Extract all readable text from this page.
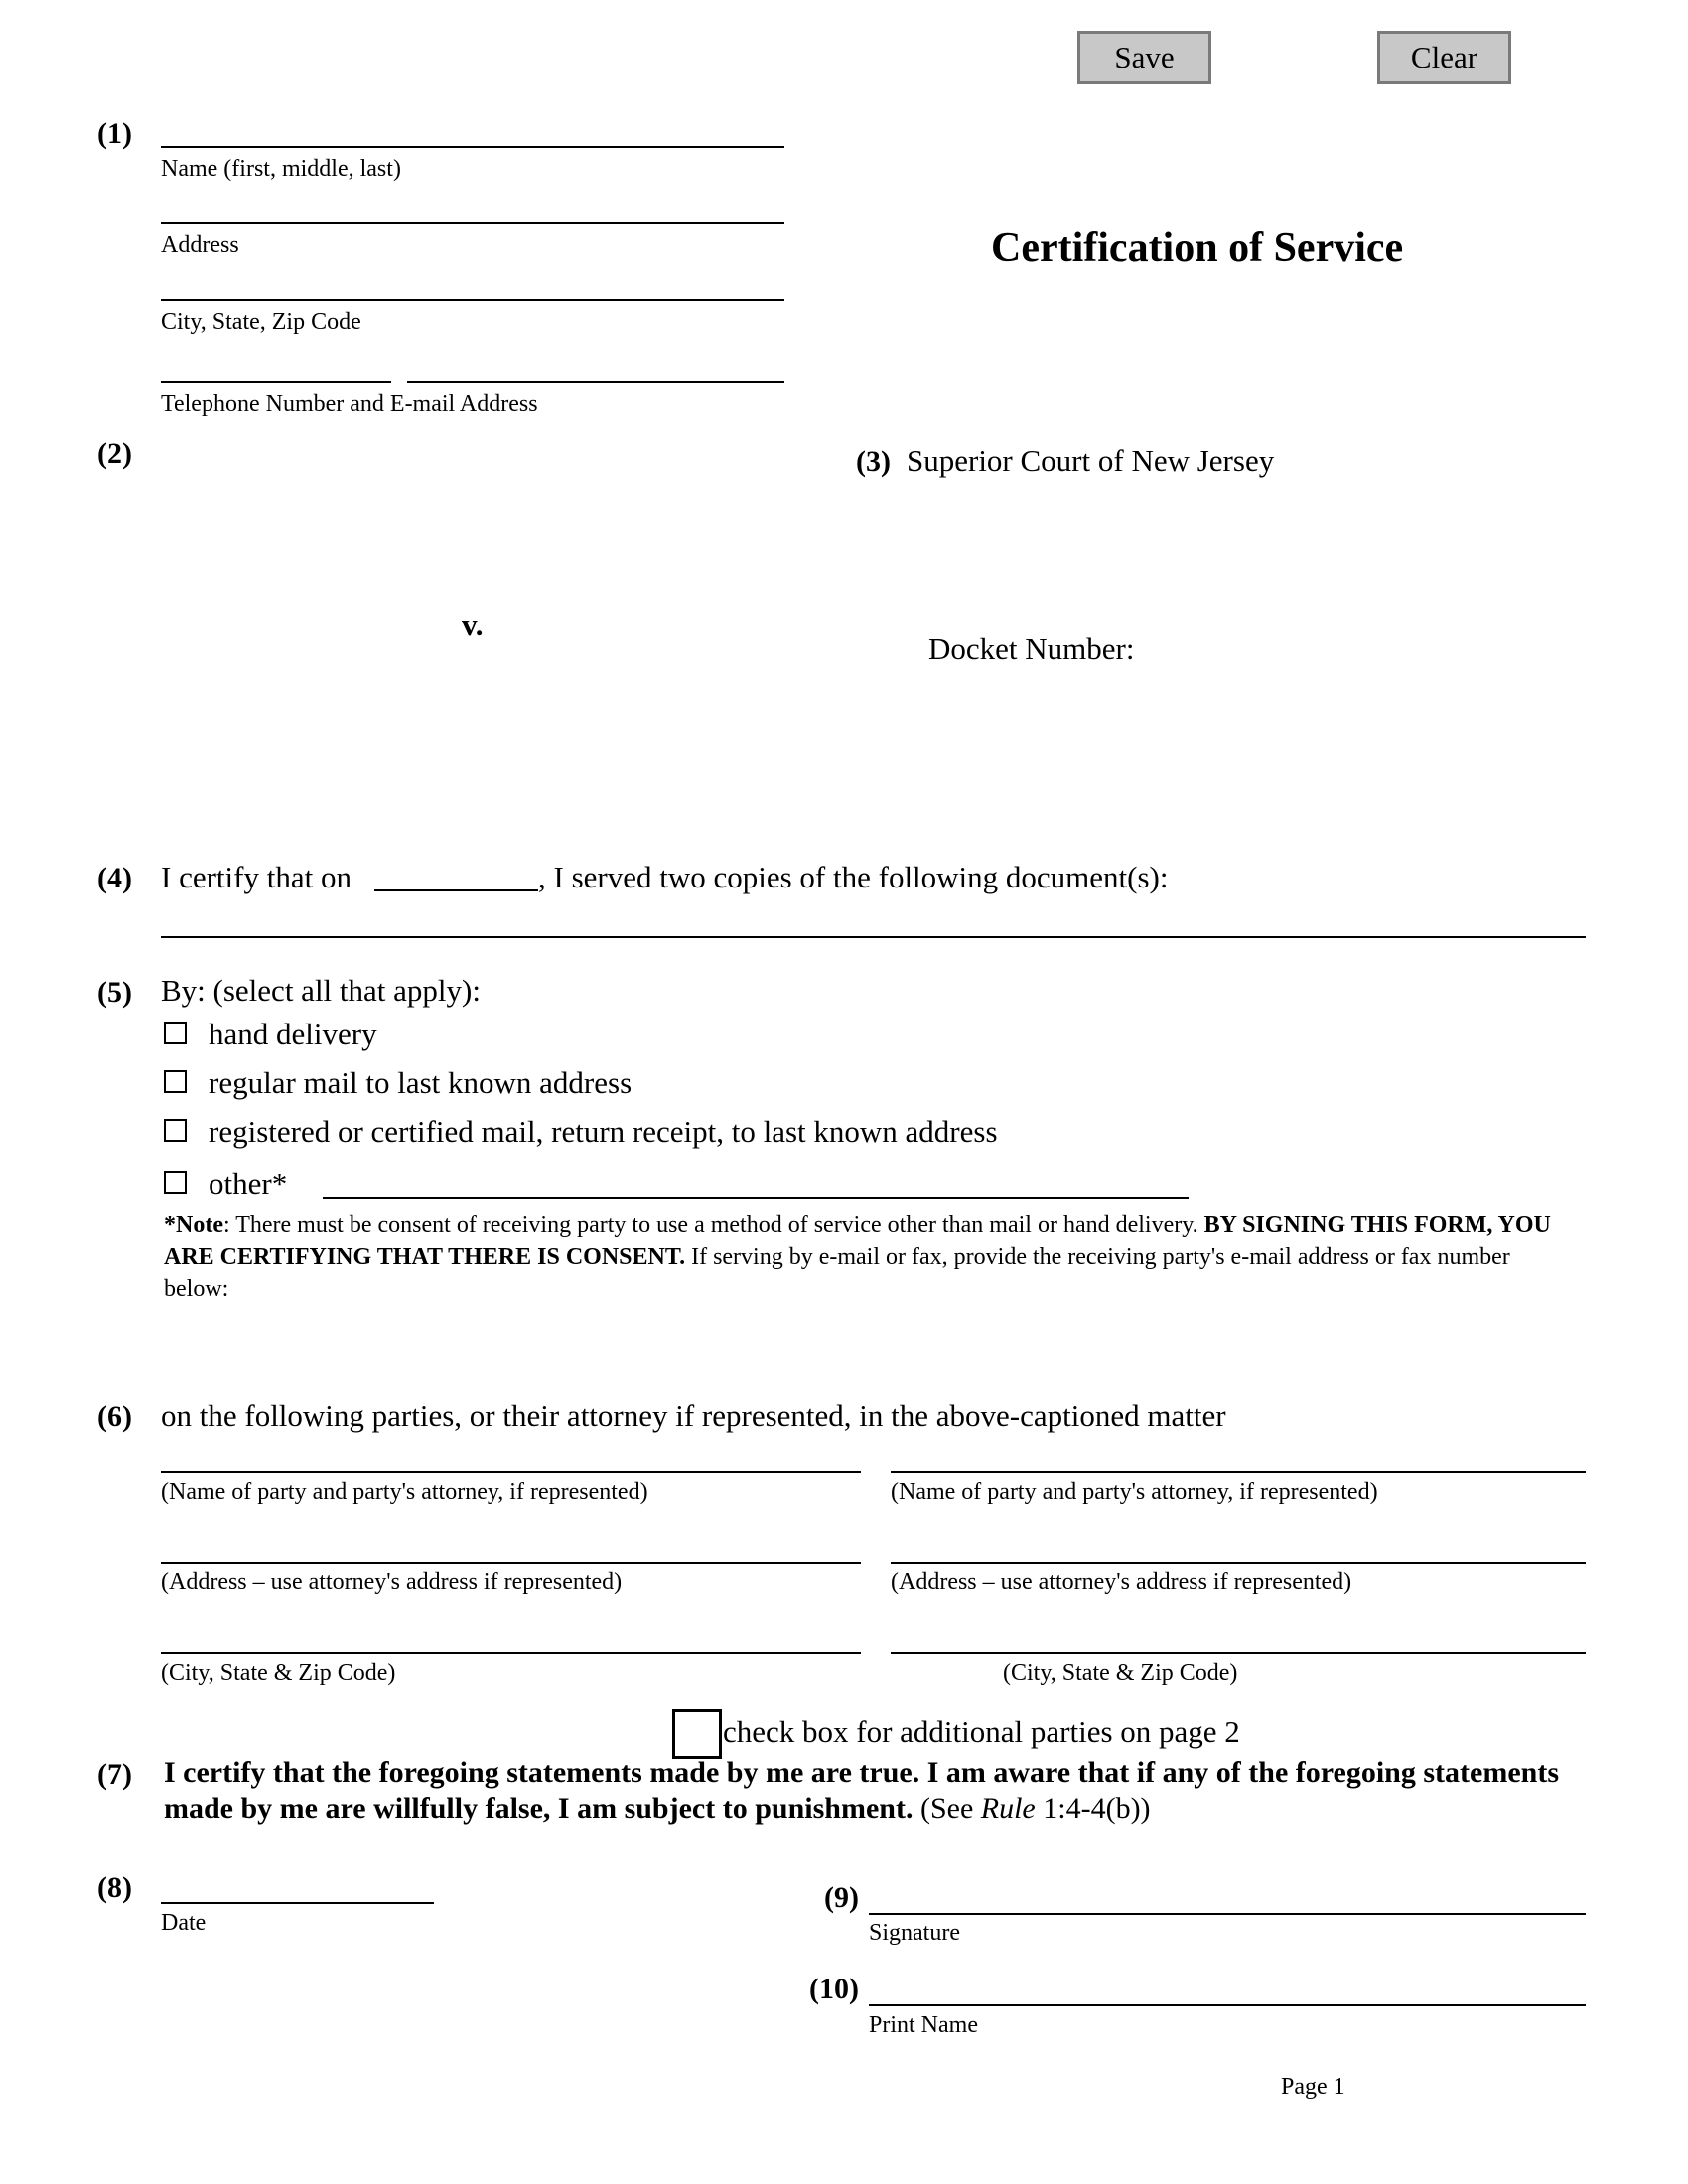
Save	Clear
Certification of Service
(1)
Name (first, middle, last)
Address
City, State, Zip Code
Telephone Number and E-mail Address
(2)
v.
(3) Superior Court of New Jersey
Docket Number:
(4) I certify that on	, I served two copies of the following document(s):
(5) By: (select all that apply):
hand delivery
regular mail to last known address
registered or certified mail, return receipt, to last known address
other*
*Note: There must be consent of receiving party to use a method of service other than mail or hand delivery. BY SIGNING THIS FORM, YOU ARE CERTIFYING THAT THERE IS CONSENT. If serving by e-mail or fax, provide the receiving party's e-mail address or fax number below:
(6) on the following parties, or their attorney if represented, in the above-captioned matter
(Name of party and party's attorney, if represented)	(Name of party and party's attorney, if represented)
(Address – use attorney's address if represented)	(Address – use attorney's address if represented)
(City, State & Zip Code)	(City, State & Zip Code)
check box for additional parties on page 2
(7) I certify that the foregoing statements made by me are true. I am aware that if any of the foregoing statements made by me are willfully false, I am subject to punishment. (See Rule 1:4-4(b))
(8)
Date
(9)
Signature
(10)
Print Name
Page 1
